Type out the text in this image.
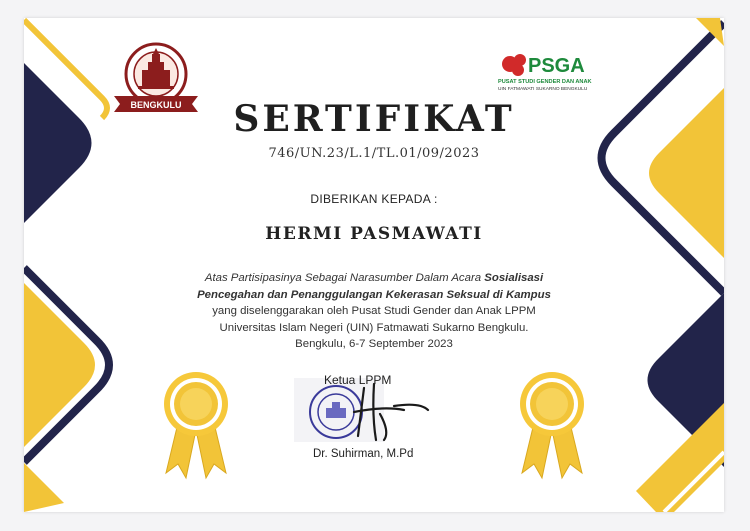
BENGKULU
PSGA
PUSAT STUDI GENDER DAN ANAK
UIN FATMAWATI SUKARNO BENGKULU
SERTIFIKAT
746/UN.23/L.1/TL.01/09/2023
DIBERIKAN KEPADA :
HERMI PASMAWATI
Atas Partisipasinya Sebagai Narasumber Dalam Acara Sosialisasi
Pencegahan dan Penanggulangan Kekerasan Seksual di Kampus
yang diselenggarakan oleh Pusat Studi Gender dan Anak LPPM
Universitas Islam Negeri (UIN) Fatmawati Sukarno Bengkulu.
Bengkulu, 6-7 September 2023
Ketua LPPM
Dr. Suhirman, M.Pd
